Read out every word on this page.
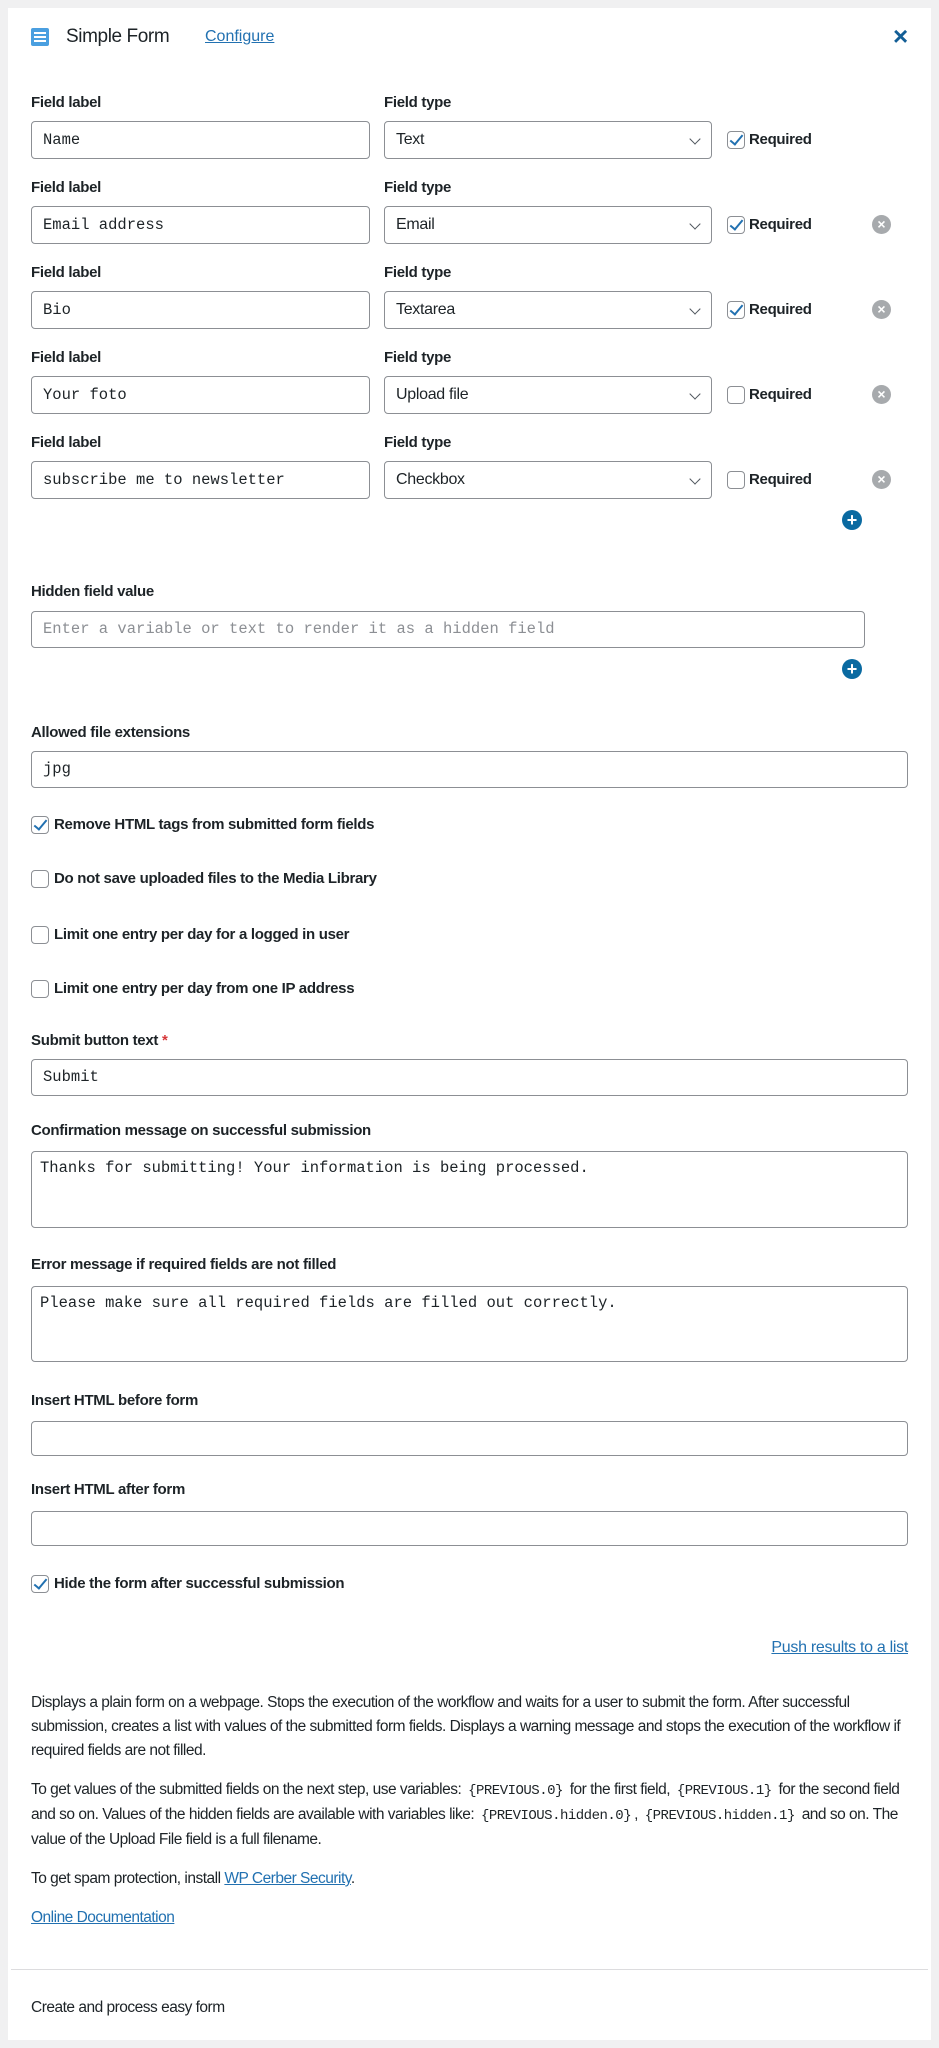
Simple Form Configure	×
Field label	Field type
Name	Text	Required
Field label	Field type
Email address	Email	Required	×
Field label	Field type
Bio	Textarea	Required	×
Field label	Field type
Your foto	Upload file	Required	×
Field label	Field type
subscribe me to newsletter	Checkbox	Required	×
+
Hidden field value
Enter a variable or text to render it as a hidden field
+
Allowed file extensions
jpg
Remove HTML tags from submitted form fields
Do not save uploaded files to the Media Library
Limit one entry per day for a logged in user
Limit one entry per day from one IP address
Submit button text *
Submit
Confirmation message on successful submission
Thanks for submitting! Your information is being processed.
Error message if required fields are not filled
Please make sure all required fields are filled out correctly.
Insert HTML before form
Insert HTML after form
Hide the form after successful submission
Push results to a list

Displays a plain form on a webpage. Stops the execution of the workflow and waits for a user to submit the form. After successful submission, creates a list with values of the submitted form fields. Displays a warning message and stops the execution of the workflow if required fields are not filled.

To get values of the submitted fields on the next step, use variables: {PREVIOUS.0} for the first field, {PREVIOUS.1} for the second field and so on. Values of the hidden fields are available with variables like: {PREVIOUS.hidden.0} , {PREVIOUS.hidden.1} and so on. The value of the Upload File field is a full filename.

To get spam protection, install WP Cerber Security.

Online Documentation
Create and process easy form
